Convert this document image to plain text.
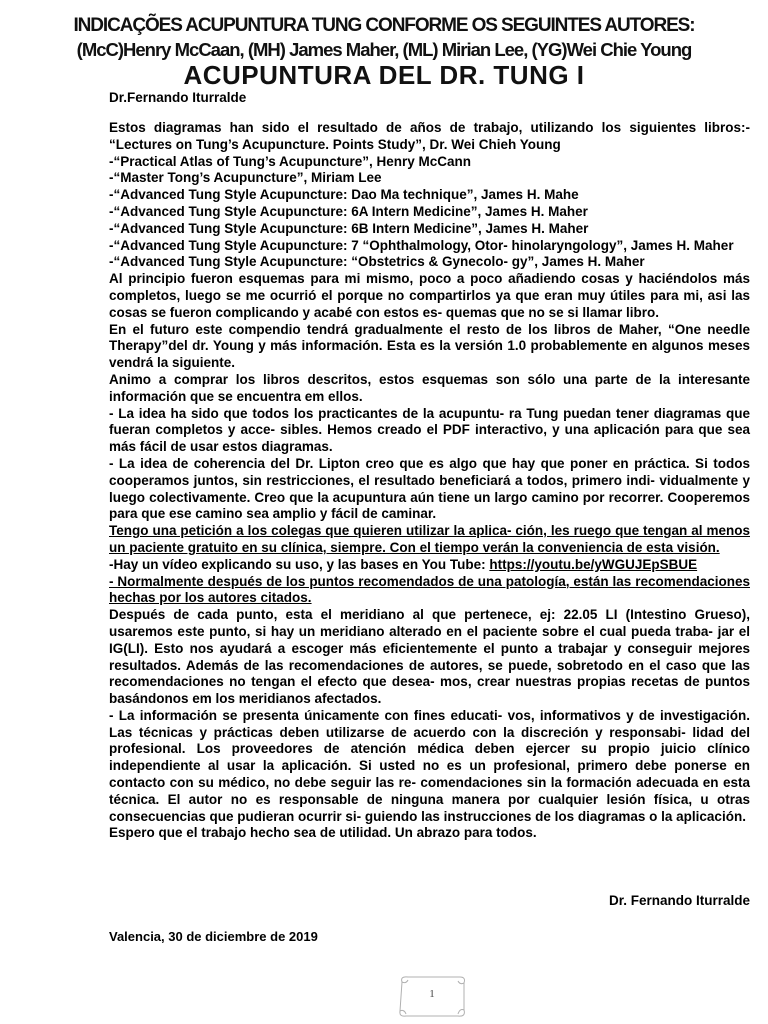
INDICAÇÕES ACUPUNTURA TUNG CONFORME OS SEGUINTES AUTORES:
(McC)Henry McCaan, (MH) James Maher, (ML) Mirian Lee, (YG)Wei Chie Young
ACUPUNTURA DEL DR. TUNG I
Dr.Fernando Iturralde

Estos diagramas han sido el resultado de años de trabajo, utilizando los siguientes libros:- “Lectures on Tung’s Acupuncture. Points Study”, Dr. Wei Chieh Young

-“Practical Atlas of Tung’s Acupuncture”, Henry McCann

-“Master Tong’s Acupuncture”, Miriam Lee

-“Advanced Tung Style Acupuncture: Dao Ma technique”, James H. Mahe

-“Advanced Tung Style Acupuncture: 6A Intern Medicine”, James H. Maher

-“Advanced Tung Style Acupuncture: 6B Intern Medicine”, James H. Maher

-“Advanced Tung Style Acupuncture: 7 “Ophthalmology, Otor- hinolaryngology”, James H. Maher

-“Advanced Tung Style Acupuncture: “Obstetrics & Gynecolo- gy”, James H. Maher

Al principio fueron esquemas para mi mismo, poco a poco añadiendo cosas y haciéndolos más completos, luego se me ocurrió el porque no compartirlos ya que eran muy útiles para mi, asi las cosas se fueron complicando y acabé con estos es- quemas que no se si llamar libro.

En el futuro este compendio tendrá gradualmente el resto de los libros de Maher, “One needle Therapy”del dr. Young y más información. Esta es la versión 1.0 probablemente en algunos meses vendrá la siguiente.

Animo a comprar los libros descritos, estos esquemas son sólo una parte de la interesante información que se encuentra em ellos.

- La idea ha sido que todos los practicantes de la acupuntu- ra Tung puedan tener diagramas que fueran completos y acce- sibles. Hemos creado el PDF interactivo, y una aplicación para que sea más fácil de usar estos diagramas.

- La idea de coherencia del Dr. Lipton creo que es algo que hay que poner en práctica. Si todos cooperamos juntos, sin restricciones, el resultado beneficiará a todos, primero indi- vidualmente y luego colectivamente. Creo que la acupuntura aún tiene un largo camino por recorrer. Cooperemos para que ese camino sea amplio y fácil de caminar.

Tengo una petición a los colegas que quieren utilizar la aplica- ción, les ruego que tengan al menos un paciente gratuito en su clínica, siempre. Con el tiempo verán la conveniencia de esta visión.

-Hay un vídeo explicando su uso, y las bases en You Tube: https://youtu.be/yWGUJEpSBUE

- Normalmente después de los puntos recomendados de una patología, están las recomendaciones hechas por los autores citados.

Después de cada punto, esta el meridiano al que pertenece, ej: 22.05 LI (Intestino Grueso), usaremos este punto, si hay un meridiano alterado en el paciente sobre el cual pueda traba- jar el IG(LI). Esto nos ayudará a escoger más eficientemente el punto a trabajar y conseguir mejores resultados. Además de las recomendaciones de autores, se puede, sobretodo en el caso que las recomendaciones no tengan el efecto que desea- mos, crear nuestras propias recetas de puntos basándonos em los meridianos afectados.

- La información se presenta únicamente con fines educati- vos, informativos y de investigación. Las técnicas y prácticas deben utilizarse de acuerdo con la discreción y responsabi- lidad del profesional. Los proveedores de atención médica deben ejercer su propio juicio clínico independiente al usar la aplicación. Si usted no es un profesional, primero debe ponerse en contacto con su médico, no debe seguir las re- comendaciones sin la formación adecuada en esta técnica. El autor no es responsable de ninguna manera por cualquier lesión física, u otras consecuencias que pudieran ocurrir si- guiendo las instrucciones de los diagramas o la aplicación.

Espero que el trabajo hecho sea de utilidad. Un abrazo para todos.

Dr. Fernando Iturralde
Valencia, 30 de diciembre de 2019
1
